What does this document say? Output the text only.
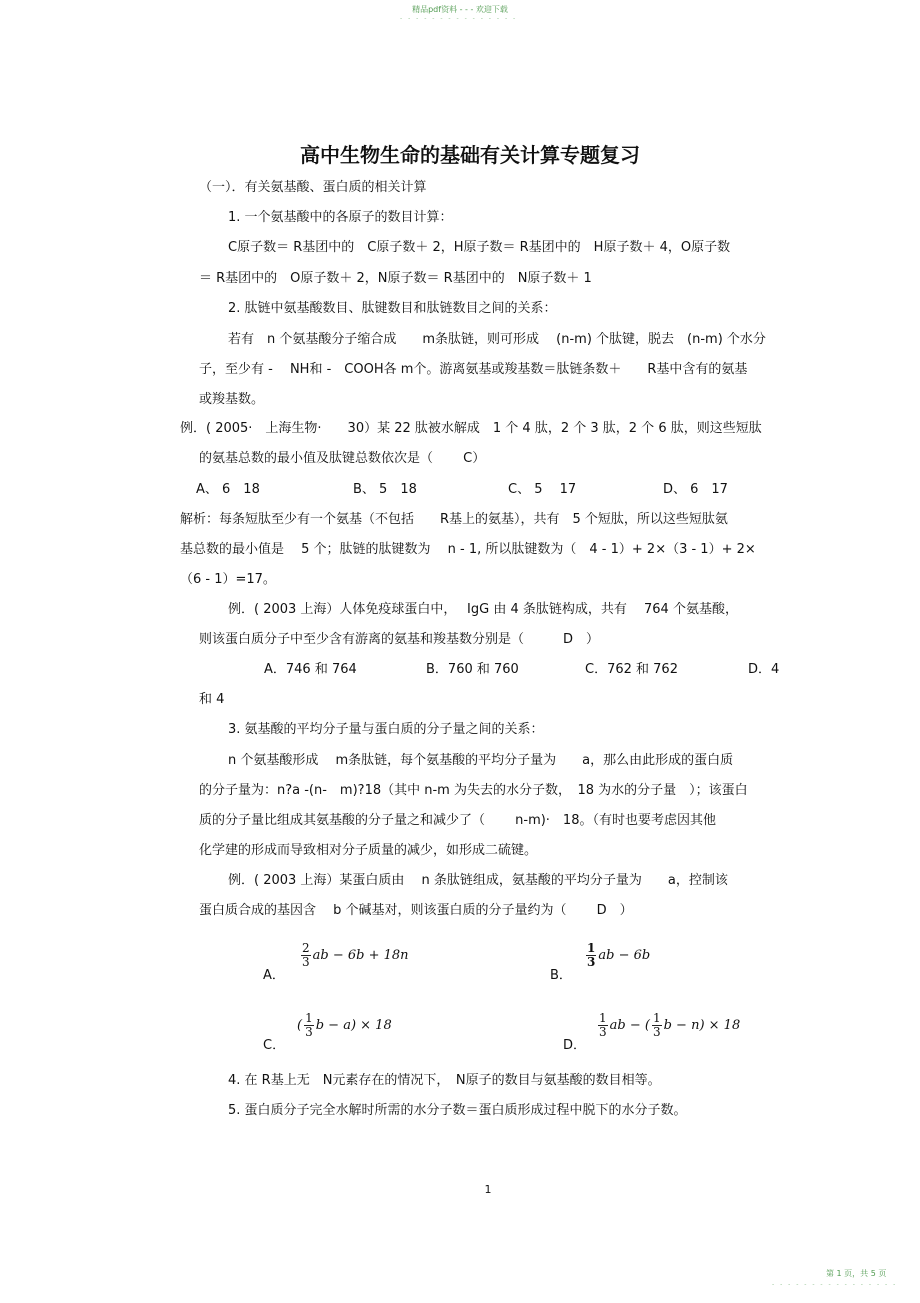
精品pdf资料 - - - 欢迎下载
- - - - - - - - - - - - - - -
高中生物生命的基础有关计算专题复习
（一）．有关氨基酸、蛋白质的相关计算
1. 一个氨基酸中的各原子的数目计算：
C原子数＝ R基团中的　C原子数＋ 2，H原子数＝ R基团中的　H原子数＋ 4，O原子数
＝ R基团中的　O原子数＋ 2，N原子数＝ R基团中的　N原子数＋ 1
2. 肽链中氨基酸数目、肽键数目和肽链数目之间的关系：
若有　n 个氨基酸分子缩合成　　m条肽链，则可形成　 (n-m) 个肽键，脱去　(n-m) 个水分
子，至少有 -　 NH和 -　COOH各 m个。游离氨基或羧基数＝肽链条数＋　　R基中含有的氨基
或羧基数。
例．( 2005·　上海生物·　　30）某 22 肽被水解成　1 个 4 肽，2 个 3 肽，2 个 6 肽，则这些短肽
的氨基总数的最小值及肽键总数依次是（　　 C）
A、 6　18	B、 5　18	C、 5　 17	D、 6　17
解析：每条短肽至少有一个氨基（不包括　　R基上的氨基），共有　5 个短肽，所以这些短肽氨
基总数的最小值是　 5 个；肽链的肽键数为　 n - 1, 所以肽键数为（　4 - 1）+ 2×（3 - 1）+ 2×
（6 - 1）=17。
例．( 2003 上海）人体免疫球蛋白中，　 IgG 由 4 条肽链构成，共有　 764 个氨基酸，
则该蛋白质分子中至少含有游离的氨基和羧基数分别是（　　　D　）
A．746 和 764	B．760 和 760	C．762 和 762	D．4
和 4
3. 氨基酸的平均分子量与蛋白质的分子量之间的关系：
n 个氨基酸形成　 m条肽链，每个氨基酸的平均分子量为　　a，那么由此形成的蛋白质
的分子量为：n?a -(n-　m)?18（其中 n-m 为失去的水分子数，　18 为水的分子量　）；该蛋白
质的分子量比组成其氨基酸的分子量之和减少了（　　 n-m)·　18。（有时也要考虑因其他
化学建的形成而导致相对分子质量的减少，如形成二硫键。
例．( 2003 上海）某蛋白质由　 n 条肽链组成，氨基酸的平均分子量为　　a，控制该
蛋白质合成的基因含　 b 个碱基对，则该蛋白质的分子量约为（　　 D　）
A．
$\frac{2}{3}$ ab − 6b + 18n
B．
$\frac{1}{3}$ ab − 6b
C．
( $\frac{1}{3}$ b − a) × 18
D．
$\frac{1}{3}$ ab − ( $\frac{1}{3}$ b − n) × 18
4. 在 R基上无　N元素存在的情况下，　N原子的数目与氨基酸的数目相等。
5. 蛋白质分子完全水解时所需的水分子数＝蛋白质形成过程中脱下的水分子数。
1
第 1 页，共 5 页
- - - - - - - - - - - - - - - -
